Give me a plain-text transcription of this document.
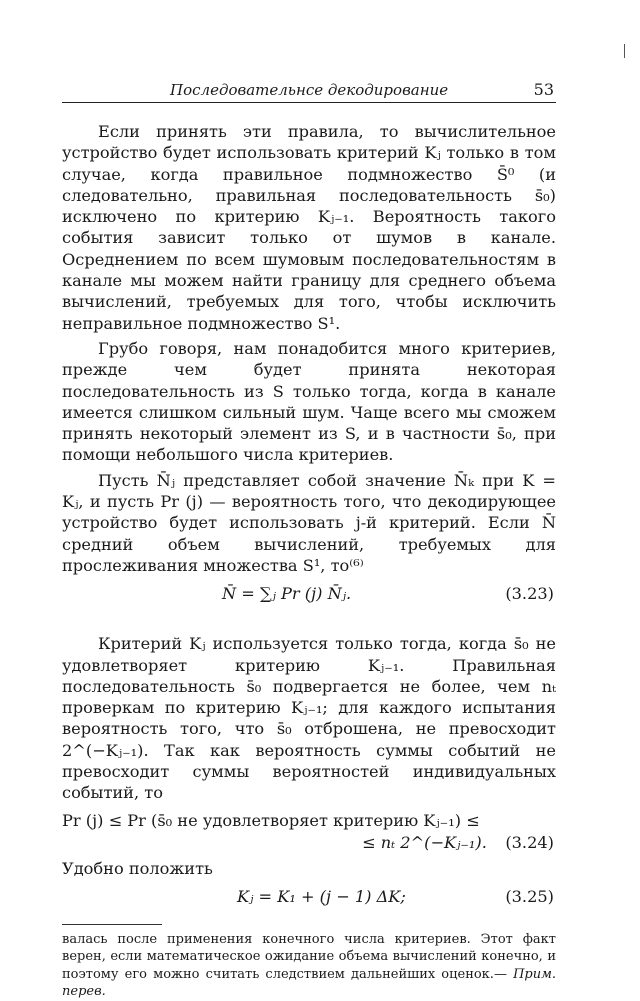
Последовательнсе декодирование	53

Если принять эти правила, то вычислительное устройство будет использовать критерий Kⱼ только в том случае, когда правильное подмножество S̄⁰ (и следовательно, правильная последовательность s̄₀) исключено по критерию Kⱼ₋₁. Вероятность такого события зависит только от шумов в канале. Осреднением по всем шумовым последовательностям в канале мы можем найти границу для среднего объема вычислений, требуемых для того, чтобы исключить неправильное подмножество S¹.

Грубо говоря, нам понадобится много критериев, прежде чем будет принята некоторая последовательность из S только тогда, когда в канале имеется слишком сильный шум. Чаще всего мы сможем принять некоторый элемент из S, и в частности s̄₀, при помощи небольшого числа критериев.

Пусть N̄ⱼ представляет собой значение N̄ₖ при K = Kⱼ, и пусть Pr (j) — вероятность того, что декодирующее устройство будет использовать j-й критерий. Если N̄ средний объем вычислений, требуемых для прослеживания множества S¹, то⁽⁶⁾

N̄ = ∑ⱼ Pr (j) N̄ⱼ.	(3.23)

Критерий Kⱼ используется только тогда, когда s̄₀ не удовлетворяет критерию Kⱼ₋₁. Правильная последовательность s̄₀ подвергается не более, чем nₜ проверкам по критерию Kⱼ₋₁; для каждого испытания вероятность того, что s̄₀ отброшена, не превосходит 2^(−Kⱼ₋₁). Так как вероятность суммы событий не превосходит суммы вероятностей индивидуальных событий, то

Pr (j) ≤ Pr (s̄₀ не удовлетворяет критерию Kⱼ₋₁) ≤
≤ nₜ 2^(−Kⱼ₋₁). (3.24)

Удобно положить

Kⱼ = K₁ + (j − 1) ΔK;	(3.25)

валась после применения конечного числа критериев. Этот факт верен, если математическое ожидание объема вычислений конечно, и поэтому его можно считать следствием дальнейших оценок.— Прим. перев.
